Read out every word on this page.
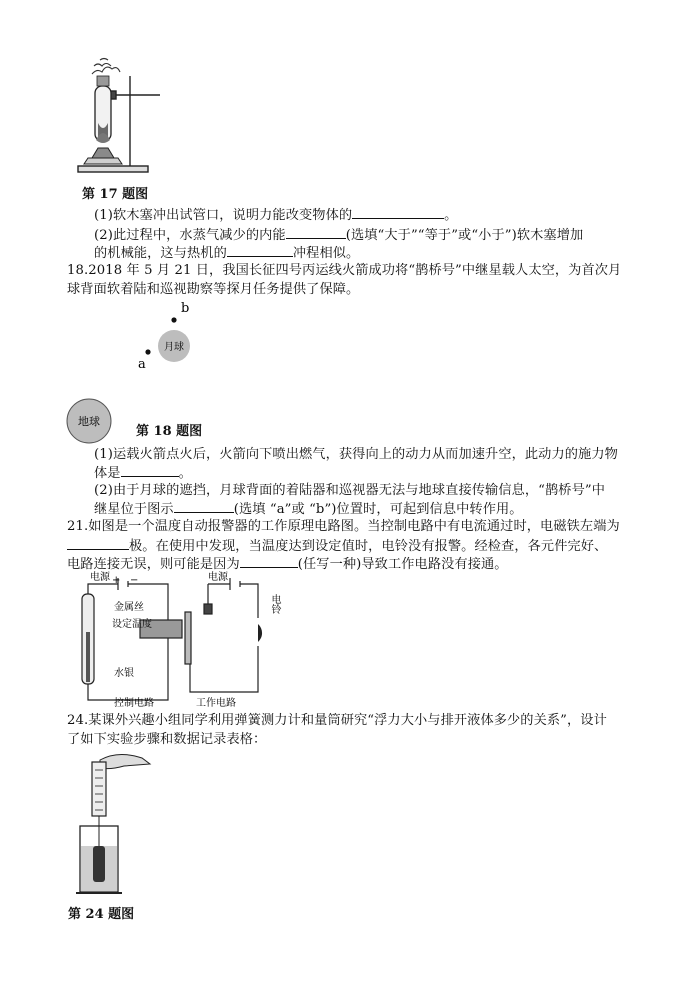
第 17 题图
(1)软木塞冲出试管口，说明力能改变物体的	。
(2)此过程中，水蒸气减少的内能	(选填“大于”“等于”或“小于”)软木塞增加
的机械能，这与热机的	冲程相似。
18.2018 年 5 月 21 日，我国长征四号丙运线火箭成功将“鹊桥号”中继星载人太空，为首次月
球背面软着陆和巡视勘察等探月任务提供了保障。
月球
b
a
地球
第 18 题图
(1)运载火箭点火后，火箭向下喷出燃气，获得向上的动力从而加速升空，此动力的施力物
体是	。
(2)由于月球的遮挡，月球背面的着陆器和巡视器无法与地球直接传输信息，“鹊桥号”中
继星位于图示	(选填 “a”或 “b”)位置时，可起到信息中转作用。
21.如图是一个温度自动报警器的工作原理电路图。当控制电路中有电流通过时，电磁铁左端为
极。在使用中发现，当温度达到设定值时，电铃没有报警。经检查，各元件完好、
电路连接无误，则可能是因为	(任写一种)导致工作电路没有接通。
电源 + −	电源
金属丝
设定温度
水银
电铃
控制电路	工作电路
24.某课外兴趣小组同学利用弹簧测力计和量筒研究“浮力大小与排开液体多少的关系”，设计
了如下实验步骤和数据记录表格：
第 24 题图
